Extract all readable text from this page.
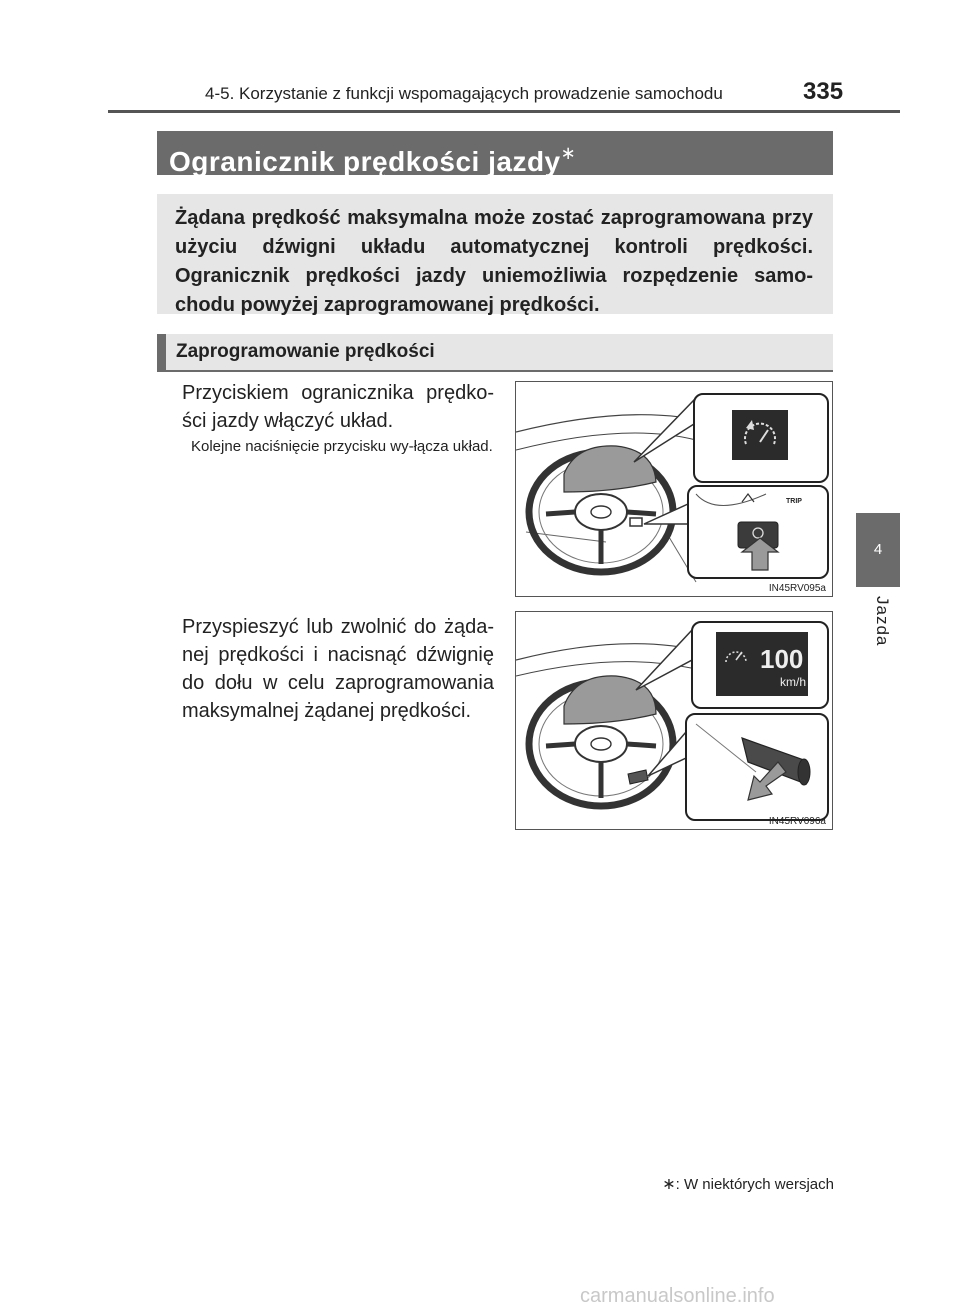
4-5. Korzystanie z funkcji wspomagających prowadzenie samochodu	335
Ogranicznik prędkości jazdy∗
Żądana prędkość maksymalna może zostać zaprogramowana przy użyciu dźwigni układu automatycznej kontroli prędkości. Ogranicznik prędkości jazdy uniemożliwia rozpędzenie samo-chodu powyżej zaprogramowanej prędkości.
Zaprogramowanie prędkości
Przyciskiem ogranicznika prędko-ści jazdy włączyć układ.
Kolejne naciśnięcie przycisku wy-łącza układ.
TRIP
IN45RV095a
Przyspieszyć lub zwolnić do żąda-nej prędkości i nacisnąć dźwignię do dołu w celu zaprogramowania maksymalnej żądanej prędkości.
100
km/h
IN45RV096a
4
Jazda
∗: W niektórych wersjach
carmanualsonline.info
